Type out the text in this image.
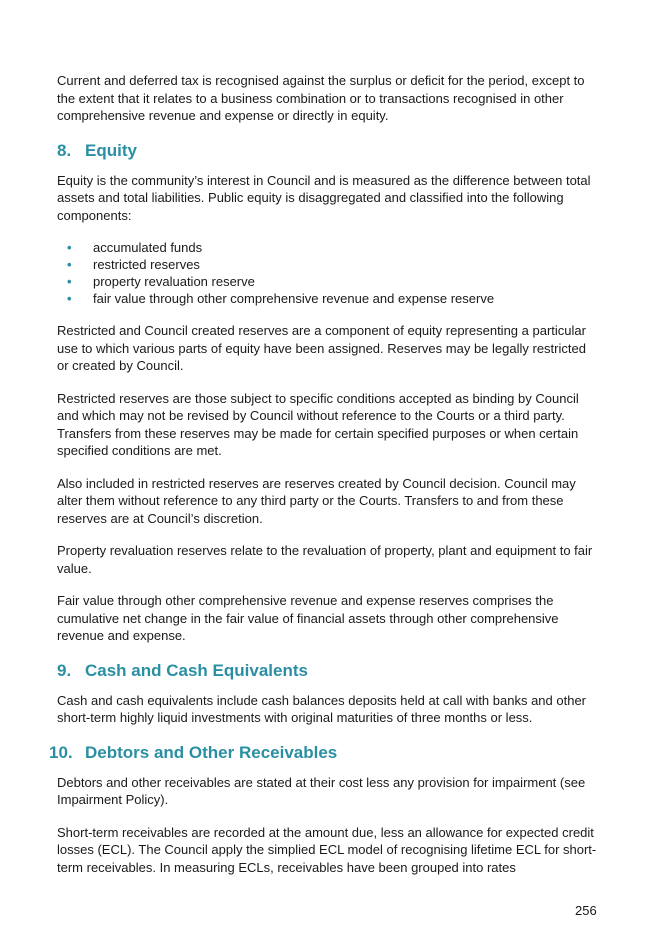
Current and deferred tax is recognised against the surplus or deficit for the period, except to the extent that it relates to a business combination or to transactions recognised in other comprehensive revenue and expense or directly in equity.

8. Equity

Equity is the community’s interest in Council and is measured as the difference between total assets and total liabilities. Public equity is disaggregated and classified into the following components:

• accumulated funds
• restricted reserves
• property revaluation reserve
• fair value through other comprehensive revenue and expense reserve

Restricted and Council created reserves are a component of equity representing a particular use to which various parts of equity have been assigned. Reserves may be legally restricted or created by Council.

Restricted reserves are those subject to specific conditions accepted as binding by Council and which may not be revised by Council without reference to the Courts or a third party. Transfers from these reserves may be made for certain specified purposes or when certain specified conditions are met.

Also included in restricted reserves are reserves created by Council decision. Council may alter them without reference to any third party or the Courts. Transfers to and from these reserves are at Council’s discretion.

Property revaluation reserves relate to the revaluation of property, plant and equipment to fair value.

Fair value through other comprehensive revenue and expense reserves comprises the cumulative net change in the fair value of financial assets through other comprehensive revenue and expense.

9. Cash and Cash Equivalents

Cash and cash equivalents include cash balances deposits held at call with banks and other short-term highly liquid investments with original maturities of three months or less.

10. Debtors and Other Receivables

Debtors and other receivables are stated at their cost less any provision for impairment (see Impairment Policy).

Short-term receivables are recorded at the amount due, less an allowance for expected credit losses (ECL). The Council apply the simplied ECL model of recognising lifetime ECL for short-term receivables. In measuring ECLs, receivables have been grouped into rates

256
